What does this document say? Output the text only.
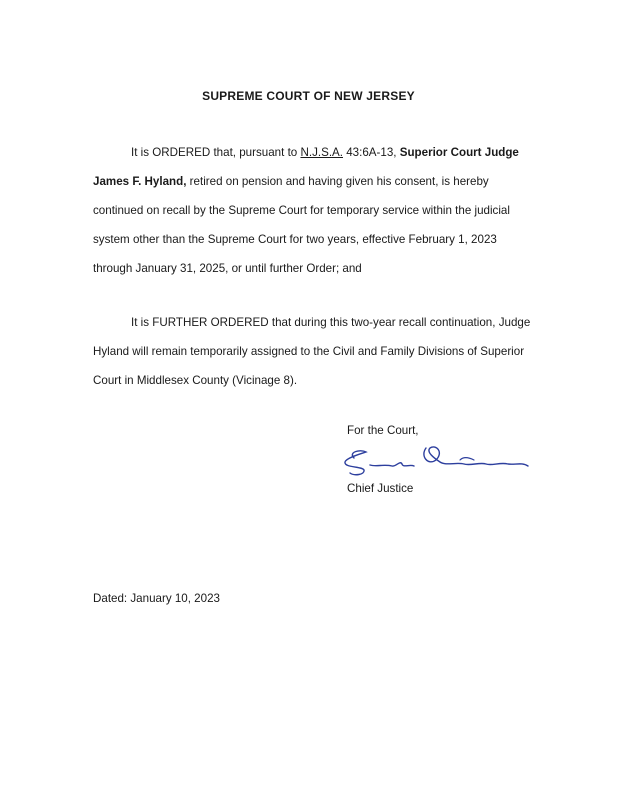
SUPREME COURT OF NEW JERSEY

It is ORDERED that, pursuant to N.J.S.A. 43:6A-13, Superior Court Judge James F. Hyland, retired on pension and having given his consent, is hereby continued on recall by the Supreme Court for temporary service within the judicial system other than the Supreme Court for two years, effective February 1, 2023 through January 31, 2025, or until further Order; and

It is FURTHER ORDERED that during this two-year recall continuation, Judge Hyland will remain temporarily assigned to the Civil and Family Divisions of Superior Court in Middlesex County (Vicinage 8).

For the Court,
Chief Justice
Dated: January 10, 2023
